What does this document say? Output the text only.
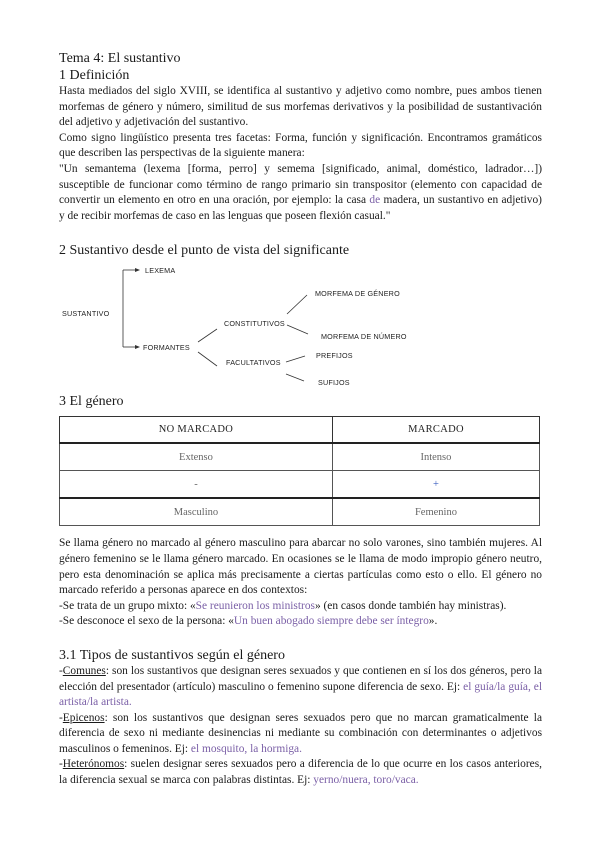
Tema 4: El sustantivo
1 Definición

Hasta mediados del siglo XVIII, se identifica al sustantivo y adjetivo como nombre, pues ambos tienen morfemas de género y número, similitud de sus morfemas derivativos y la posibilidad de sustantivación del adjetivo y adjetivación del sustantivo.

Como signo lingüístico presenta tres facetas: Forma, función y significación. Encontramos gramáticos que describen las perspectivas de la siguiente manera:

"Un semantema (lexema [forma, perro] y semema [significado, animal, doméstico, ladrador…]) susceptible de funcionar como término de rango primario sin transpositor (elemento con capacidad de convertir un elemento en otro en una oración, por ejemplo: la casa de madera, un sustantivo en adjetivo) y de recibir morfemas de caso en las lenguas que poseen flexión casual."

2 Sustantivo desde el punto de vista del significante
SUSTANTIVO
LEXEMA
FORMANTES
CONSTITUTIVOS
FACULTATIVOS
MORFEMA DE GÉNERO
MORFEMA DE NÚMERO
PREFIJOS
SUFIJOS
3 El género
NO MARCADO	MARCADO
Extenso	Intenso
-	+
Masculino	Femenino

Se llama género no marcado al género masculino para abarcar no solo varones, sino también mujeres. Al género femenino se le llama género marcado. En ocasiones se le llama de modo impropio género neutro, pero esta denominación se aplica más precisamente a ciertas partículas como esto o ello. El género no marcado referido a personas aparece en dos contextos:

-Se trata de un grupo mixto: «Se reunieron los ministros» (en casos donde también hay ministras).

-Se desconoce el sexo de la persona: «Un buen abogado siempre debe ser íntegro».

3.1 Tipos de sustantivos según el género

-Comunes: son los sustantivos que designan seres sexuados y que contienen en sí los dos géneros, pero la elección del presentador (artículo) masculino o femenino supone diferencia de sexo. Ej: el guía/la guía, el artista/la artista.

-Epicenos: son los sustantivos que designan seres sexuados pero que no marcan gramaticalmente la diferencia de sexo ni mediante desinencias ni mediante su combinación con determinantes o adjetivos masculinos o femeninos. Ej: el mosquito, la hormiga.

-Heterónomos: suelen designar seres sexuados pero a diferencia de lo que ocurre en los casos anteriores, la diferencia sexual se marca con palabras distintas. Ej: yerno/nuera, toro/vaca.
